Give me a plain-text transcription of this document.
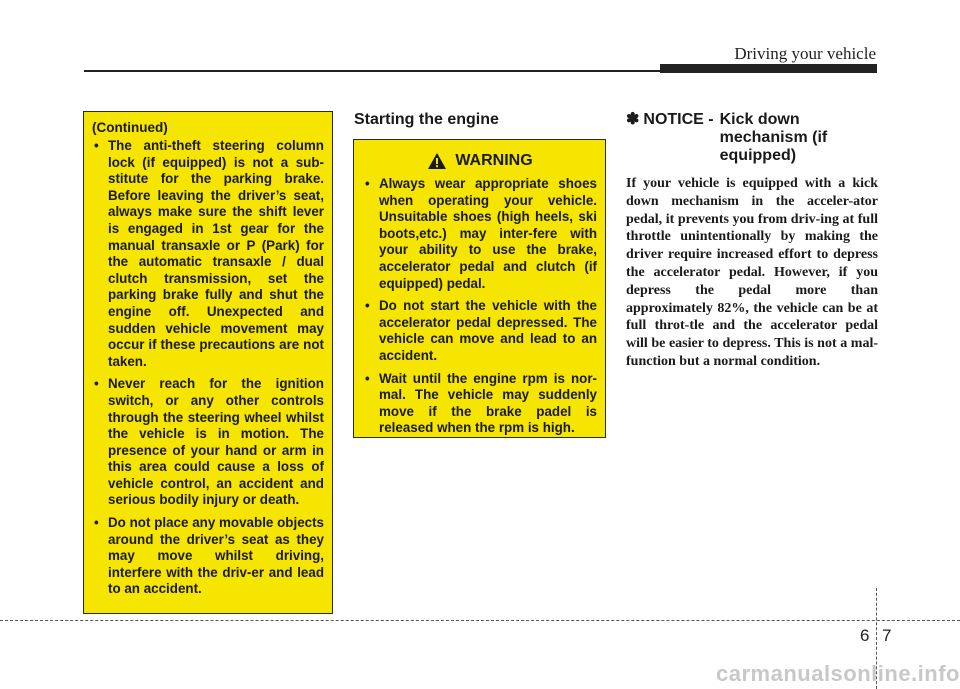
Driving your vehicle
(Continued)
• The anti-theft steering column lock (if equipped) is not a sub-stitute for the parking brake. Before leaving the driver’s seat, always make sure the shift lever is engaged in 1st gear for the manual transaxle or P (Park) for the automatic transaxle / dual clutch transmission, set the parking brake fully and shut the engine off. Unexpected and sudden vehicle movement may occur if these precautions are not taken.
• Never reach for the ignition switch, or any other controls through the steering wheel whilst the vehicle is in motion. The presence of your hand or arm in this area could cause a loss of vehicle control, an accident and serious bodily injury or death.
• Do not place any movable objects around the driver’s seat as they may move whilst driving, interfere with the driv-er and lead to an accident.
Starting the engine
WARNING
• Always wear appropriate shoes when operating your vehicle. Unsuitable shoes (high heels, ski boots,etc.) may inter-fere with your ability to use the brake, accelerator pedal and clutch (if equipped) pedal.
• Do not start the vehicle with the accelerator pedal depressed. The vehicle can move and lead to an accident.
• Wait until the engine rpm is nor-mal. The vehicle may suddenly move if the brake padel is released when the rpm is high.
✽ NOTICE - Kick down mechanism (if equipped)
If your vehicle is equipped with a kick down mechanism in the acceler-ator pedal, it prevents you from driv-ing at full throttle unintentionally by making the driver require increased effort to depress the accelerator pedal. However, if you depress the pedal more than approximately 82%, the vehicle can be at full throt-tle and the accelerator pedal will be easier to depress. This is not a mal-function but a normal condition.
6 7
carmanualsonline.info
